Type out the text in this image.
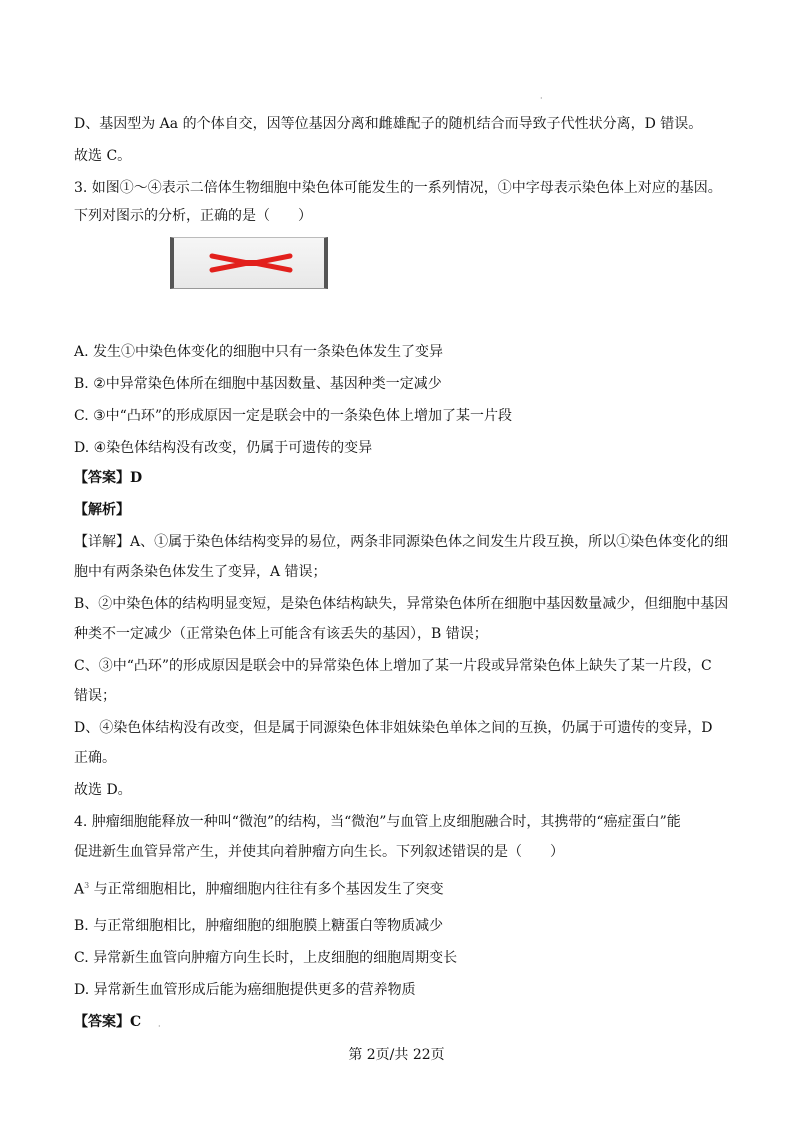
·
·
D、基因型为 Aa 的个体自交，因等位基因分离和雌雄配子的随机结合而导致子代性状分离，D 错误。
故选 C。
3. 如图①～④表示二倍体生物细胞中染色体可能发生的一系列情况，①中字母表示染色体上对应的基因。
下列对图示的分析，正确的是（　　）
A. 发生①中染色体变化的细胞中只有一条染色体发生了变异
B. ②中异常染色体所在细胞中基因数量、基因种类一定减少
C. ③中“凸环”的形成原因一定是联会中的一条染色体上增加了某一片段
D. ④染色体结构没有改变，仍属于可遗传的变异
【答案】D
【解析】
【详解】A、①属于染色体结构变异的易位，两条非同源染色体之间发生片段互换，所以①染色体变化的细
胞中有两条染色体发生了变异，A 错误；
B、②中染色体的结构明显变短，是染色体结构缺失，异常染色体所在细胞中基因数量减少，但细胞中基因
种类不一定减少（正常染色体上可能含有该丢失的基因），B 错误；
C、③中“凸环”的形成原因是联会中的异常染色体上增加了某一片段或异常染色体上缺失了某一片段，C
错误；
D、④染色体结构没有改变，但是属于同源染色体非姐妹染色单体之间的互换，仍属于可遗传的变异，D
正确。
故选 D。
4. 肿瘤细胞能释放一种叫“微泡”的结构，当“微泡”与血管上皮细胞融合时，其携带的“癌症蛋白”能
促进新生血管异常产生，并使其向着肿瘤方向生长。下列叙述错误的是（　　）
$A^3$ 与正常细胞相比，肿瘤细胞内往往有多个基因发生了突变
B. 与正常细胞相比，肿瘤细胞的细胞膜上糖蛋白等物质减少
C. 异常新生血管向肿瘤方向生长时，上皮细胞的细胞周期变长
D. 异常新生血管形成后能为癌细胞提供更多的营养物质
【答案】C
第 2页/共 22页
